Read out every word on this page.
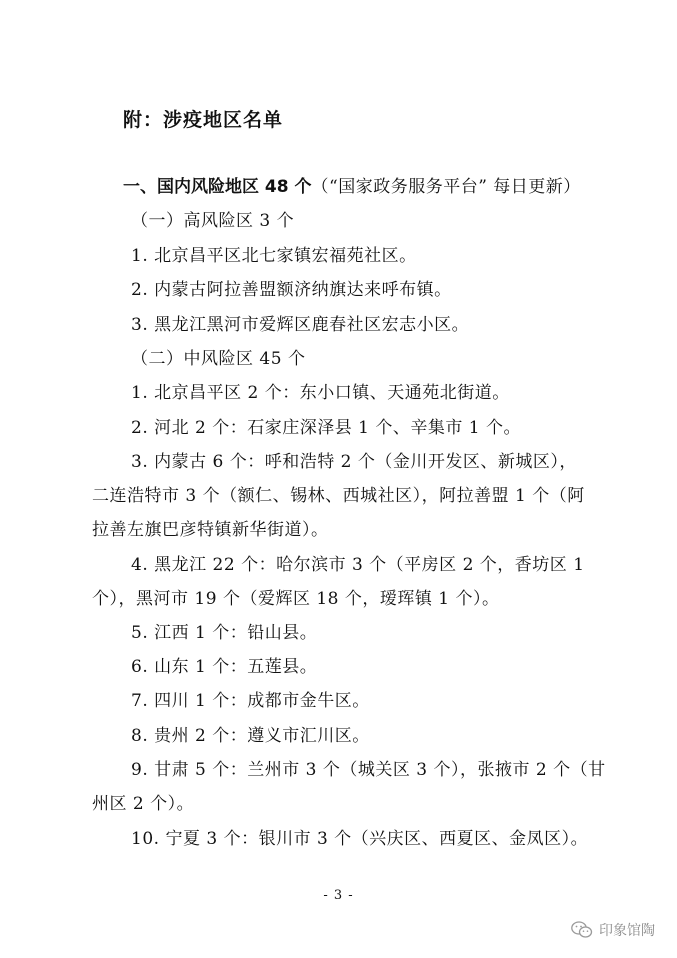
附：涉疫地区名单
一、国内风险地区 48 个（“国家政务服务平台” 每日更新）
（一）高风险区 3 个
1. 北京昌平区北七家镇宏福苑社区。
2. 内蒙古阿拉善盟额济纳旗达来呼布镇。
3. 黑龙江黑河市爱辉区鹿春社区宏志小区。
（二）中风险区 45 个
1. 北京昌平区 2 个：东小口镇、天通苑北街道。
2. 河北 2 个：石家庄深泽县 1 个、辛集市 1 个。
3. 内蒙古 6 个：呼和浩特 2 个（金川开发区、新城区），
二连浩特市 3 个（额仁、锡林、西城社区），阿拉善盟 1 个（阿
拉善左旗巴彦特镇新华街道）。
4. 黑龙江 22 个：哈尔滨市 3 个（平房区 2 个，香坊区 1
个），黑河市 19 个（爱辉区 18 个，瑷珲镇 1 个）。
5. 江西 1 个：铅山县。
6. 山东 1 个：五莲县。
7. 四川 1 个：成都市金牛区。
8. 贵州 2 个：遵义市汇川区。
9. 甘肃 5 个：兰州市 3 个（城关区 3 个），张掖市 2 个（甘
州区 2 个）。
10. 宁夏 3 个：银川市 3 个（兴庆区、西夏区、金凤区）。
- 3 -
印象馆陶
